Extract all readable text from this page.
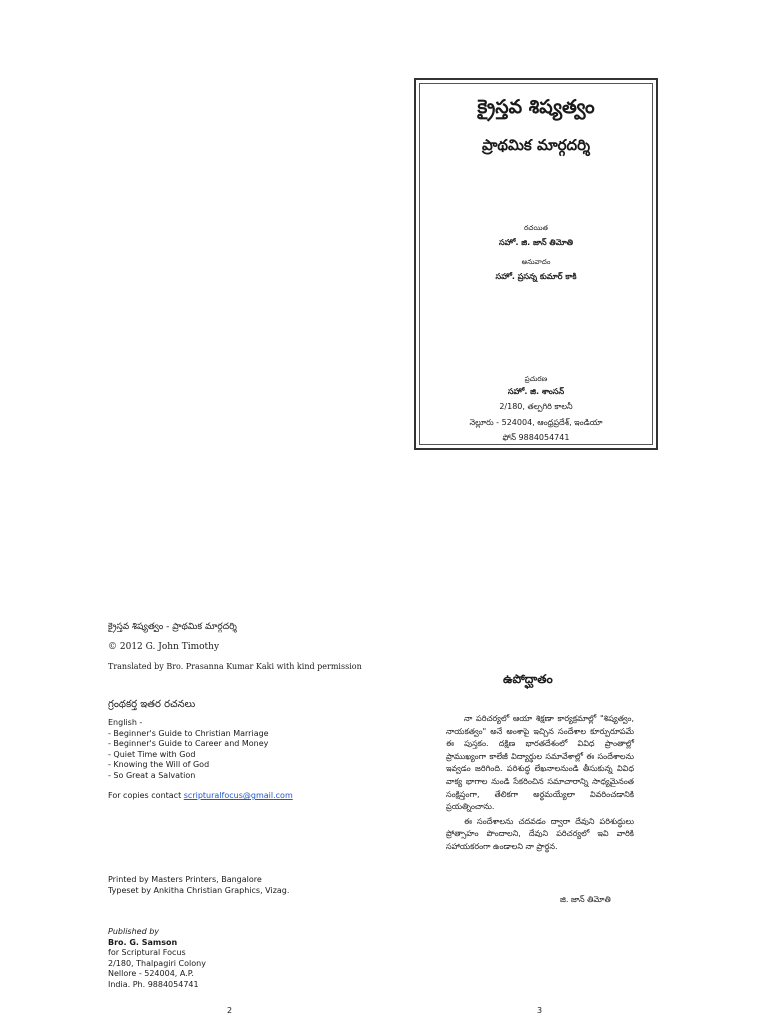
క్రైస్తవ శిష్యత్వం
ప్రాథమిక మార్గదర్శి
రచయిత
సహో. జి. జాన్ తిమోతి
అనువాదం
సహో. ప్రసన్న కుమార్ కాకి
ప్రచురణ
సహో. జి. శాంసన్
2/180, తల్పగిరి కాలనీ
నెల్లూరు - 524004, ఆంధ్రప్రదేశ్, ఇండియా
ఫోన్ 9884054741
క్రైస్తవ శిష్యత్వం - ప్రాథమిక మార్గదర్శి
© 2012 G. John Timothy
Translated by Bro. Prasanna Kumar Kaki with kind permission
గ్రంథకర్త ఇతర రచనలు
English -
- Beginner's Guide to Christian Marriage
- Beginner's Guide to Career and Money
- Quiet Time with God
- Knowing the Will of God
- So Great a Salvation
For copies contact scripturalfocus@gmail.com
Printed by Masters Printers, Bangalore
Typeset by Ankitha Christian Graphics, Vizag.
Published by
Bro. G. Samson
for Scriptural Focus
2/180, Thalpagiri Colony
Nellore - 524004, A.P.
India. Ph. 9884054741
ఉపోద్ఘాతం

నా పరిచర్యలో ఆయా శిక్షణా కార్యక్రమాల్లో "శిష్యత్వం, నాయకత్వం" అనే అంశాపై ఇచ్చిన సందేశాల కూర్పురూపమే ఈ పుస్తకం. దక్షిణ భారతదేశంలో వివిధ ప్రాంతాల్లో ప్రాముఖ్యంగా కాలేజీ విద్యార్థుల సమావేశాల్లో ఈ సందేశాలను ఇవ్వడం జరిగింది. పరిశుద్ధ లేఖనాలనుండి తీసుకున్న వివిధ వాక్య భాగాల నుండి సేకరించిన సమాచారాన్ని సాధ్యమైనంత సంక్షిప్తంగా, తేలికగా అర్థమయ్యేలా వివరించడానికి ప్రయత్నించాను.

ఈ సందేశాలను చదవడం ద్వారా దేవుని పరిశుద్ధులు ప్రోత్సాహం పొందాలని, దేవుని పరిచర్యలో ఇవి వారికి సహాయకరంగా ఉండాలని నా ప్రార్థన.

జి. జాన్ తిమోతి
2	3
